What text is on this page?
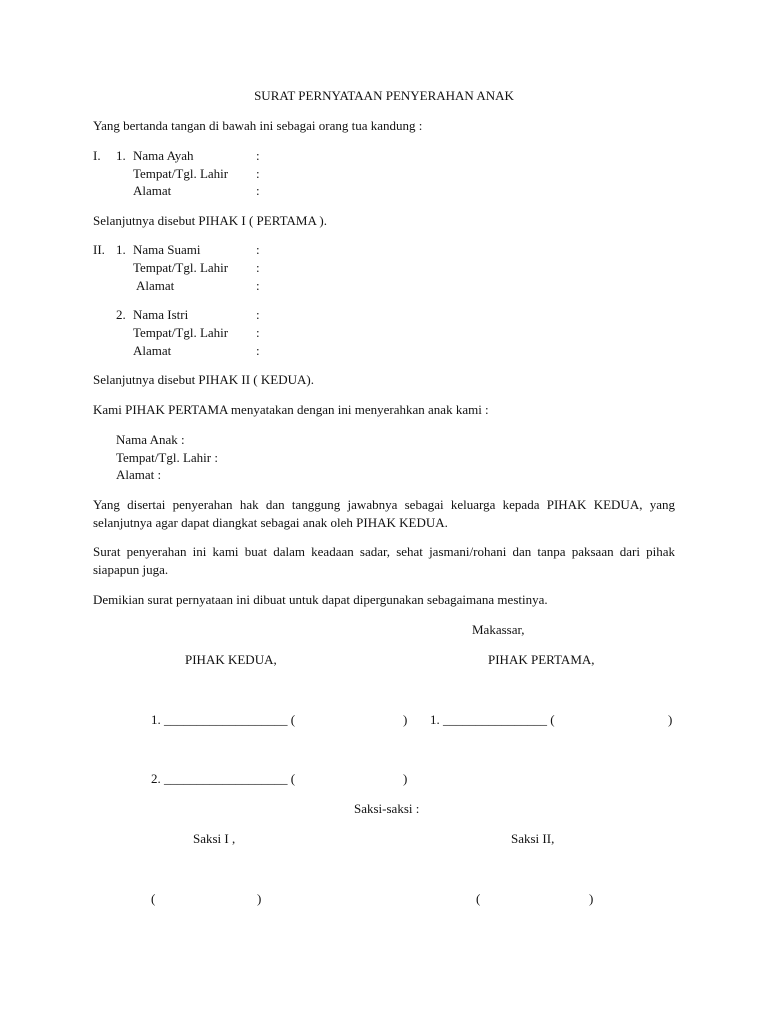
SURAT PERNYATAAN PENYERAHAN ANAK
Yang bertanda tangan di bawah ini sebagai orang tua kandung :
I. 1. Nama Ayah	:
Tempat/Tgl. Lahir :
Alamat	:
Selanjutnya disebut PIHAK I ( PERTAMA ).
II. 1. Nama Suami	:
Tempat/Tgl. Lahir :
Alamat	:
2. Nama Istri	:
Tempat/Tgl. Lahir :
Alamat	:
Selanjutnya disebut PIHAK II ( KEDUA).
Kami PIHAK PERTAMA menyatakan dengan ini menyerahkan anak kami :
Nama Anak :
Tempat/Tgl. Lahir :
Alamat :
Yang disertai penyerahan hak dan tanggung jawabnya sebagai keluarga kepada PIHAK KEDUA, yang selanjutnya agar dapat diangkat sebagai anak oleh PIHAK KEDUA.
Surat penyerahan ini kami buat dalam keadaan sadar, sehat jasmani/rohani dan tanpa paksaan dari pihak siapapun juga.
Demikian surat pernyataan ini dibuat untuk dapat dipergunakan sebagaimana mestinya.
Makassar,
PIHAK KEDUA,	PIHAK PERTAMA,
1. ___________________ (	) 1. ________________ (	)
2. ___________________ (	)
Saksi-saksi :
Saksi I ,	Saksi II,
(	)	(	)
